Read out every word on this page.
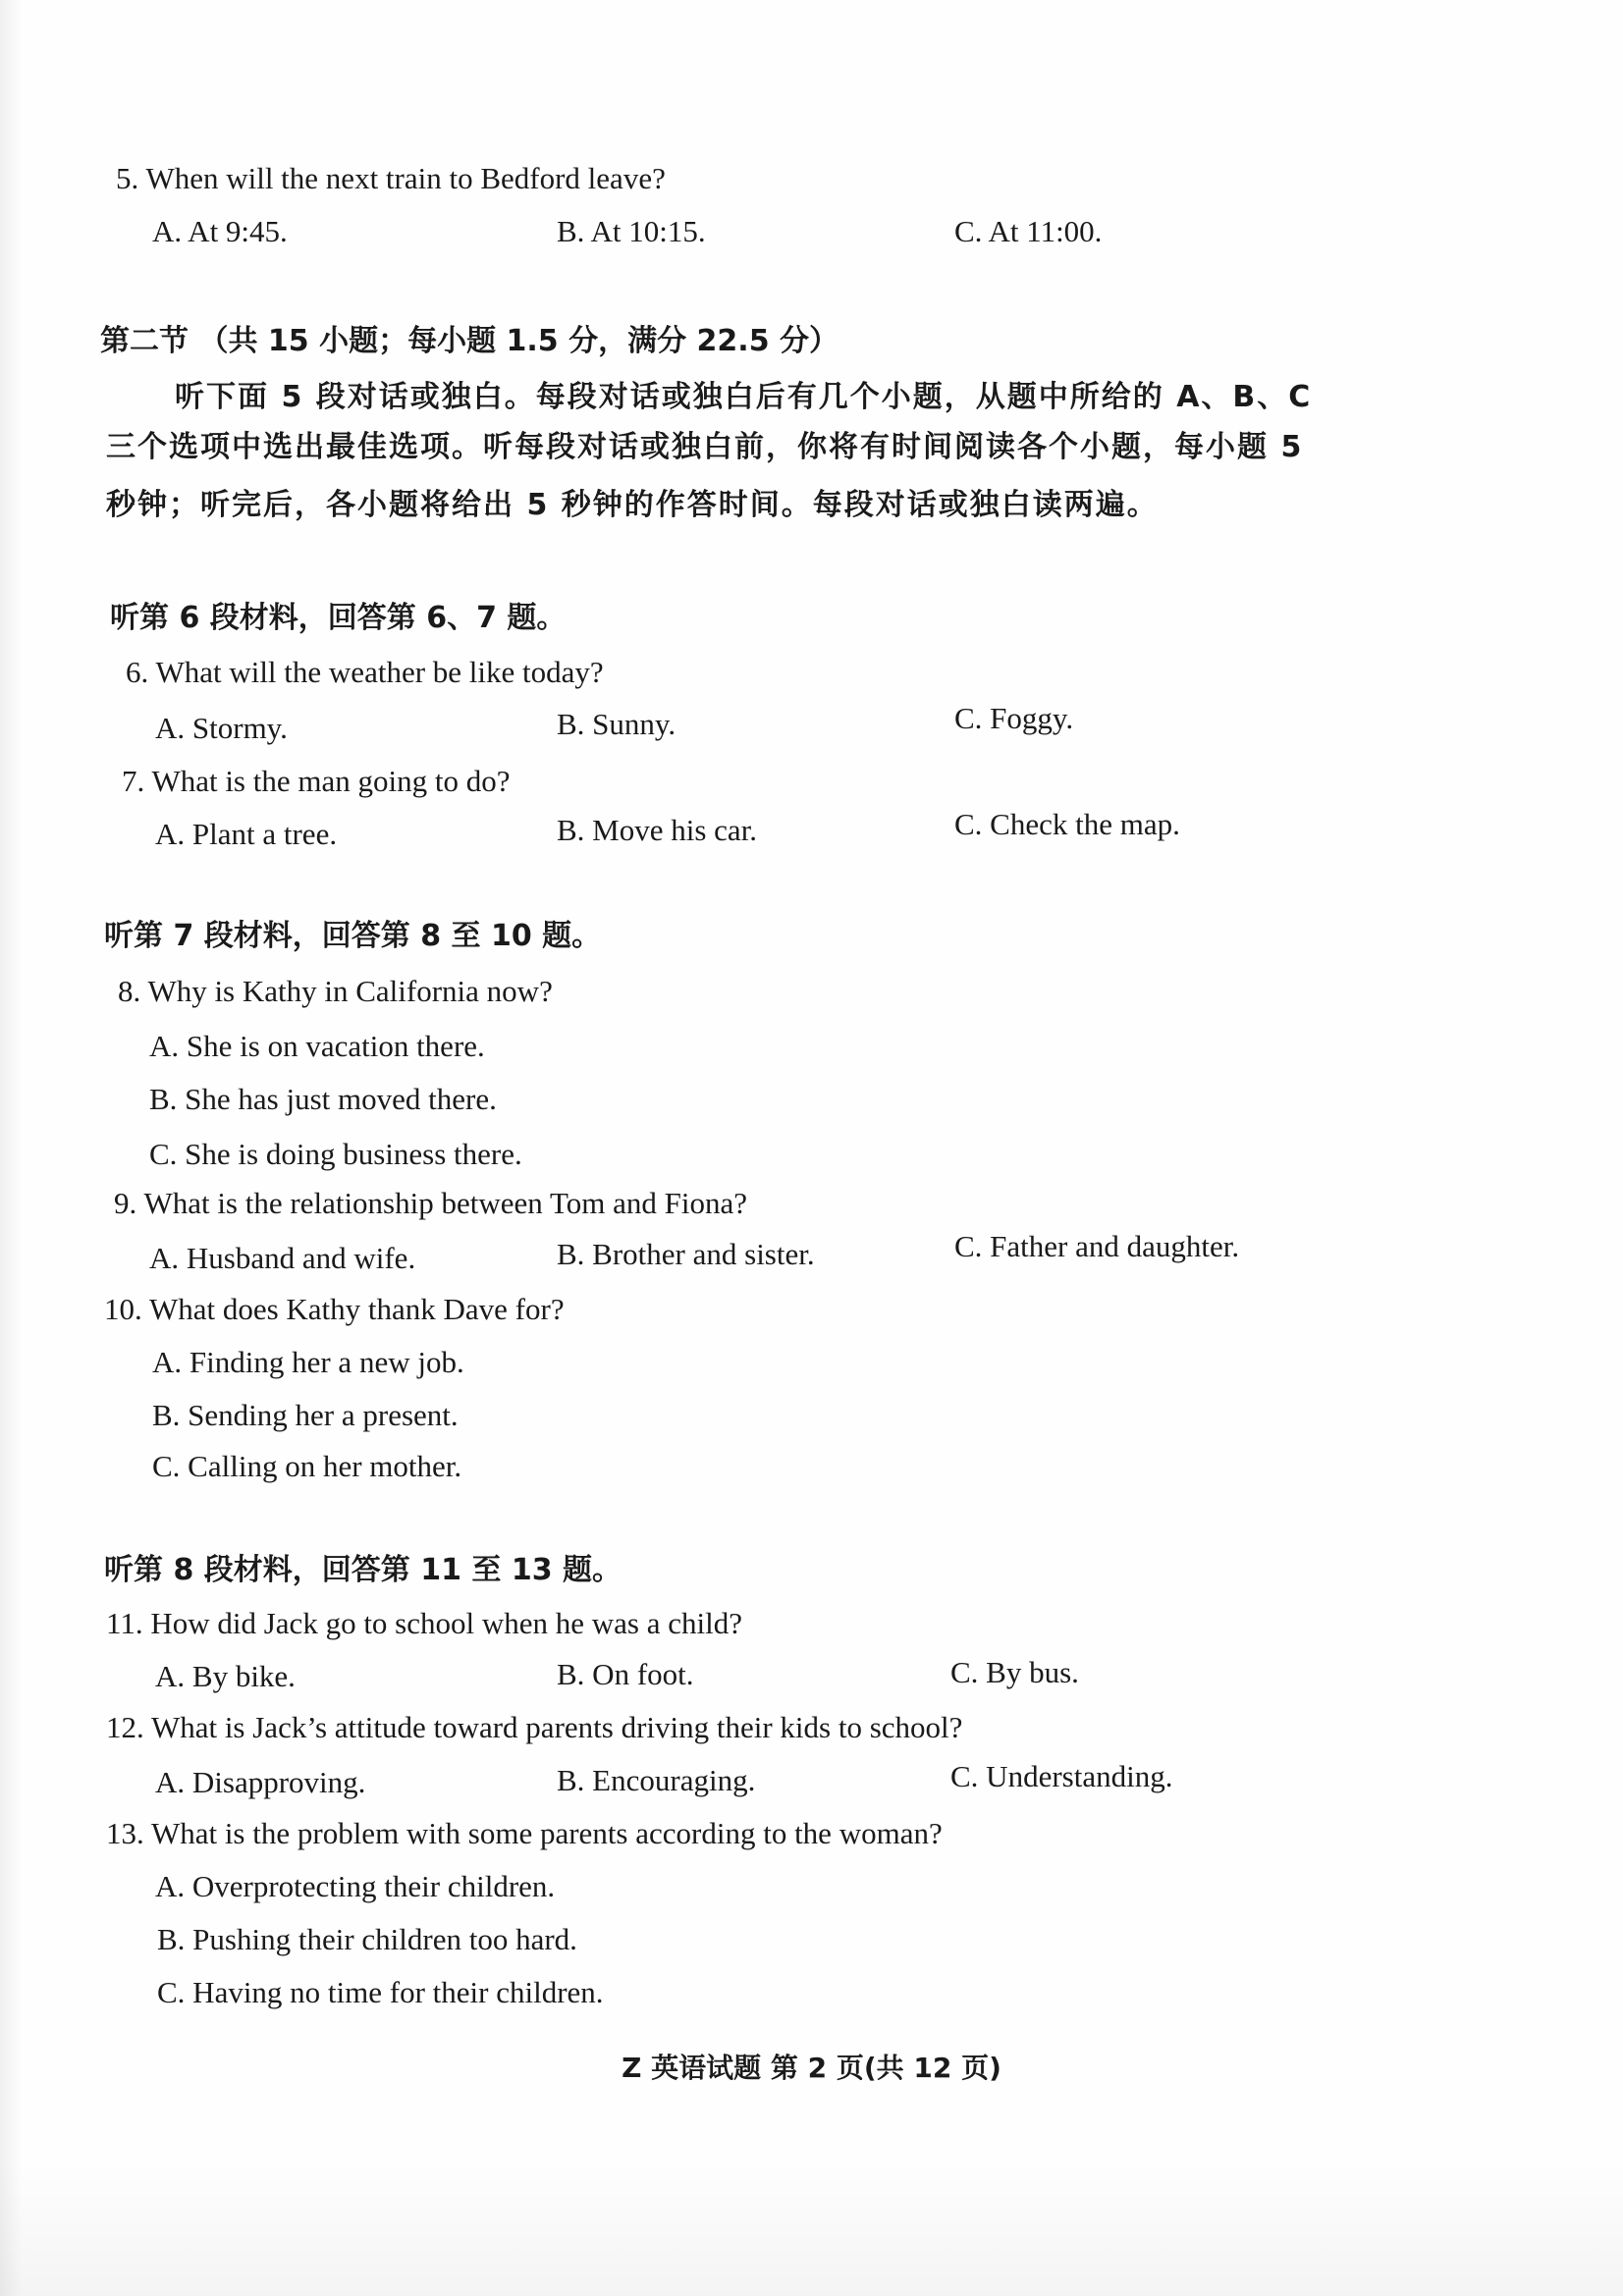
5. When will the next train to Bedford leave?
A. At 9:45.	B. At 10:15.	C. At 11:00.
第二节 （共 15 小题；每小题 1.5 分，满分 22.5 分）
听下面 5 段对话或独白。每段对话或独白后有几个小题，从题中所给的 A、B、C
三个选项中选出最佳选项。听每段对话或独白前，你将有时间阅读各个小题，每小题 5
秒钟；听完后，各小题将给出 5 秒钟的作答时间。每段对话或独白读两遍。
听第 6 段材料，回答第 6、7 题。
6. What will the weather be like today?
A. Stormy.	B. Sunny.	C. Foggy.
7. What is the man going to do?
A. Plant a tree.	B. Move his car.	C. Check the map.
听第 7 段材料，回答第 8 至 10 题。
8. Why is Kathy in California now?
A. She is on vacation there.
B. She has just moved there.
C. She is doing business there.
9. What is the relationship between Tom and Fiona?
A. Husband and wife.	B. Brother and sister.	C. Father and daughter.
10. What does Kathy thank Dave for?
A. Finding her a new job.
B. Sending her a present.
C. Calling on her mother.
听第 8 段材料，回答第 11 至 13 题。
11. How did Jack go to school when he was a child?
A. By bike.	B. On foot.	C. By bus.
12. What is Jack’s attitude toward parents driving their kids to school?
A. Disapproving.	B. Encouraging.	C. Understanding.
13. What is the problem with some parents according to the woman?
A. Overprotecting their children.
B. Pushing their children too hard.
C. Having no time for their children.
Z 英语试题 第 2 页(共 12 页)
